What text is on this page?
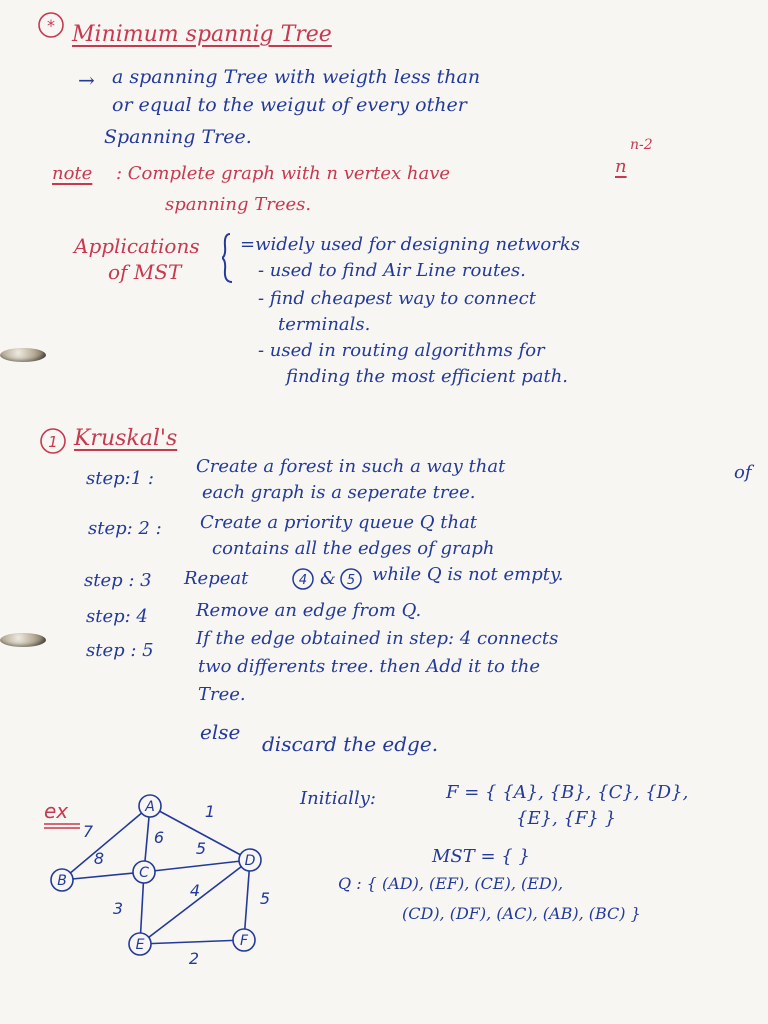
* Minimum spannig Tree
→ a spanning Tree with weigth less than
or equal to the weigut of every other
Spanning Tree.
note : Complete graph with n vertex have	n
n-2
spanning Trees.
Applications
of MST
=widely used for designing networks
- used to find Air Line routes.
- find cheapest way to connect
terminals.
- used in routing algorithms for
finding the most efficient path.
1 Kruskal's
step:1 :
Create a forest in such a way that
each graph is a seperate tree.
of
step: 2 : Create a priority queue Q that
contains all the edges of graph
step : 3 Repeat	4 & 5 while Q is not empty.
step: 4	Remove an edge from Q.
step : 5
If the edge obtained in step: 4 connects
two differents tree. then Add it to the
Tree.
else discard the edge.
ex
7	6
1
8
5
3
4	5
2
A
B	C
D
E	F
Initially:	F = { {A}, {B}, {C}, {D},
{E}, {F} }
MST = { }
Q : { (AD), (EF), (CE), (ED),
(CD), (DF), (AC), (AB), (BC) }
